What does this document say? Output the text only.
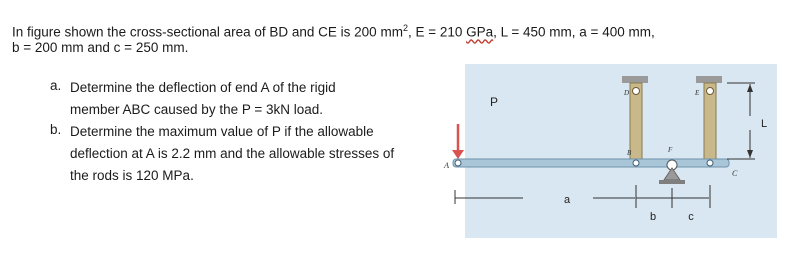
In figure shown the cross-sectional area of BD and CE is 200 $mm^2$, E = 210 GPa, L = 450 mm, a = 400 mm,
b = 200 mm and c = 250 mm.
a. Determine the deflection of end A of the rigid
member ABC caused by the P = 3kN load.
b. Determine the maximum value of P if the allowable
deflection at A is 2.2 mm and the allowable stresses of
the rods is 120 MPa.
P
A
B
C
D	E
F
a
b	c
L
